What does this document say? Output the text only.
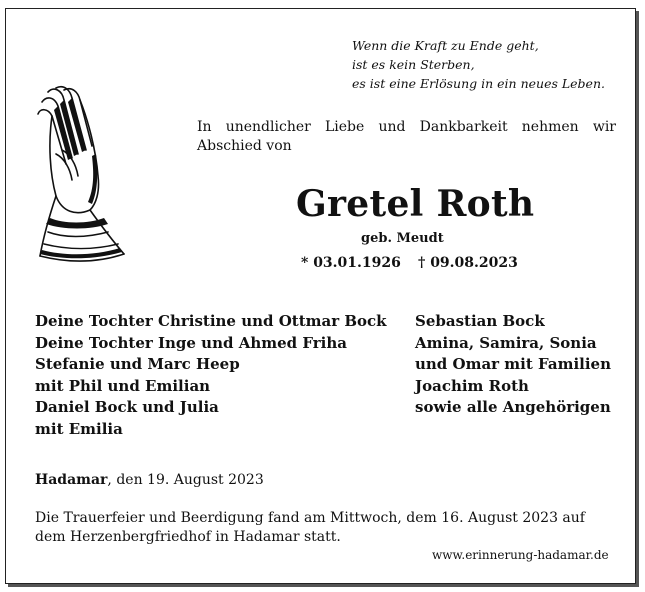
Wenn die Kraft zu Ende geht,
ist es kein Sterben,
es ist eine Erlösung in ein neues Leben.
In unendlicher Liebe und Dankbarkeit nehmen wir Abschied von
Gretel Roth
geb. Meudt
* 03.01.1926 † 09.08.2023
Deine Tochter Christine und Ottmar Bock
Deine Tochter Inge und Ahmed Friha
Stefanie und Marc Heep
mit Phil und Emilian
Daniel Bock und Julia
mit Emilia
Sebastian Bock
Amina, Samira, Sonia
und Omar mit Familien
Joachim Roth
sowie alle Angehörigen
Hadamar, den 19. August 2023
Die Trauerfeier und Beerdigung fand am Mittwoch, dem 16. August 2023 auf dem Herzenbergfriedhof in Hadamar statt.
www.erinnerung-hadamar.de
